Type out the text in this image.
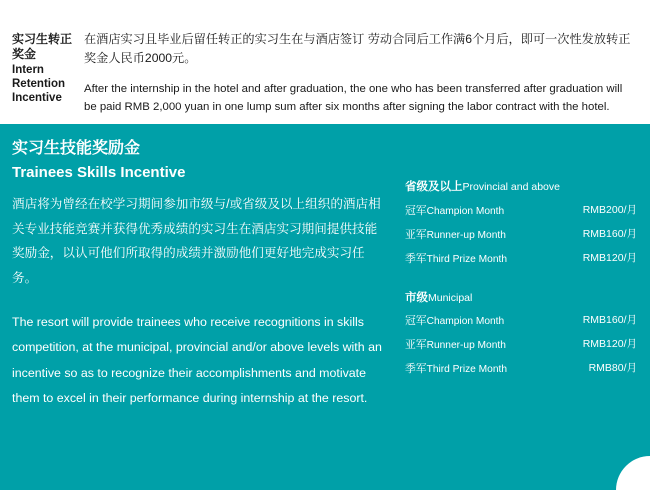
实习生转正奖金
Intern Retention Incentive

在酒店实习且毕业后留任转正的实习生在与酒店签订 劳动合同后工作满6个月后，即可一次性发放转正奖金人民币2000元。

After the internship in the hotel and after graduation, the one who has been transferred after graduation will be paid RMB 2,000 yuan in one lump sum after six months after signing the labor contract with the hotel.

实习生技能奖励金
Trainees Skills Incentive

酒店将为曾经在校学习期间参加市级与/或省级及以上组织的酒店相关专业技能竞赛并获得优秀成绩的实习生在酒店实习期间提供技能奖励金，以认可他们所取得的成绩并激励他们更好地完成实习任务。

The resort will provide trainees who receive recognitions in skills competition, at the municipal, provincial and/or above levels with an incentive so as to recognize their accomplishments and motivate them to excel in their performance during internship at the resort.

省级及以上Provincial and above
冠军Champion Month	RMB200/月
亚军Runner-up Month	RMB160/月
季军Third Prize Month	RMB120/月
市级Municipal
冠军Champion Month	RMB160/月
亚军Runner-up Month	RMB120/月
季军Third Prize Month	RMB80/月
